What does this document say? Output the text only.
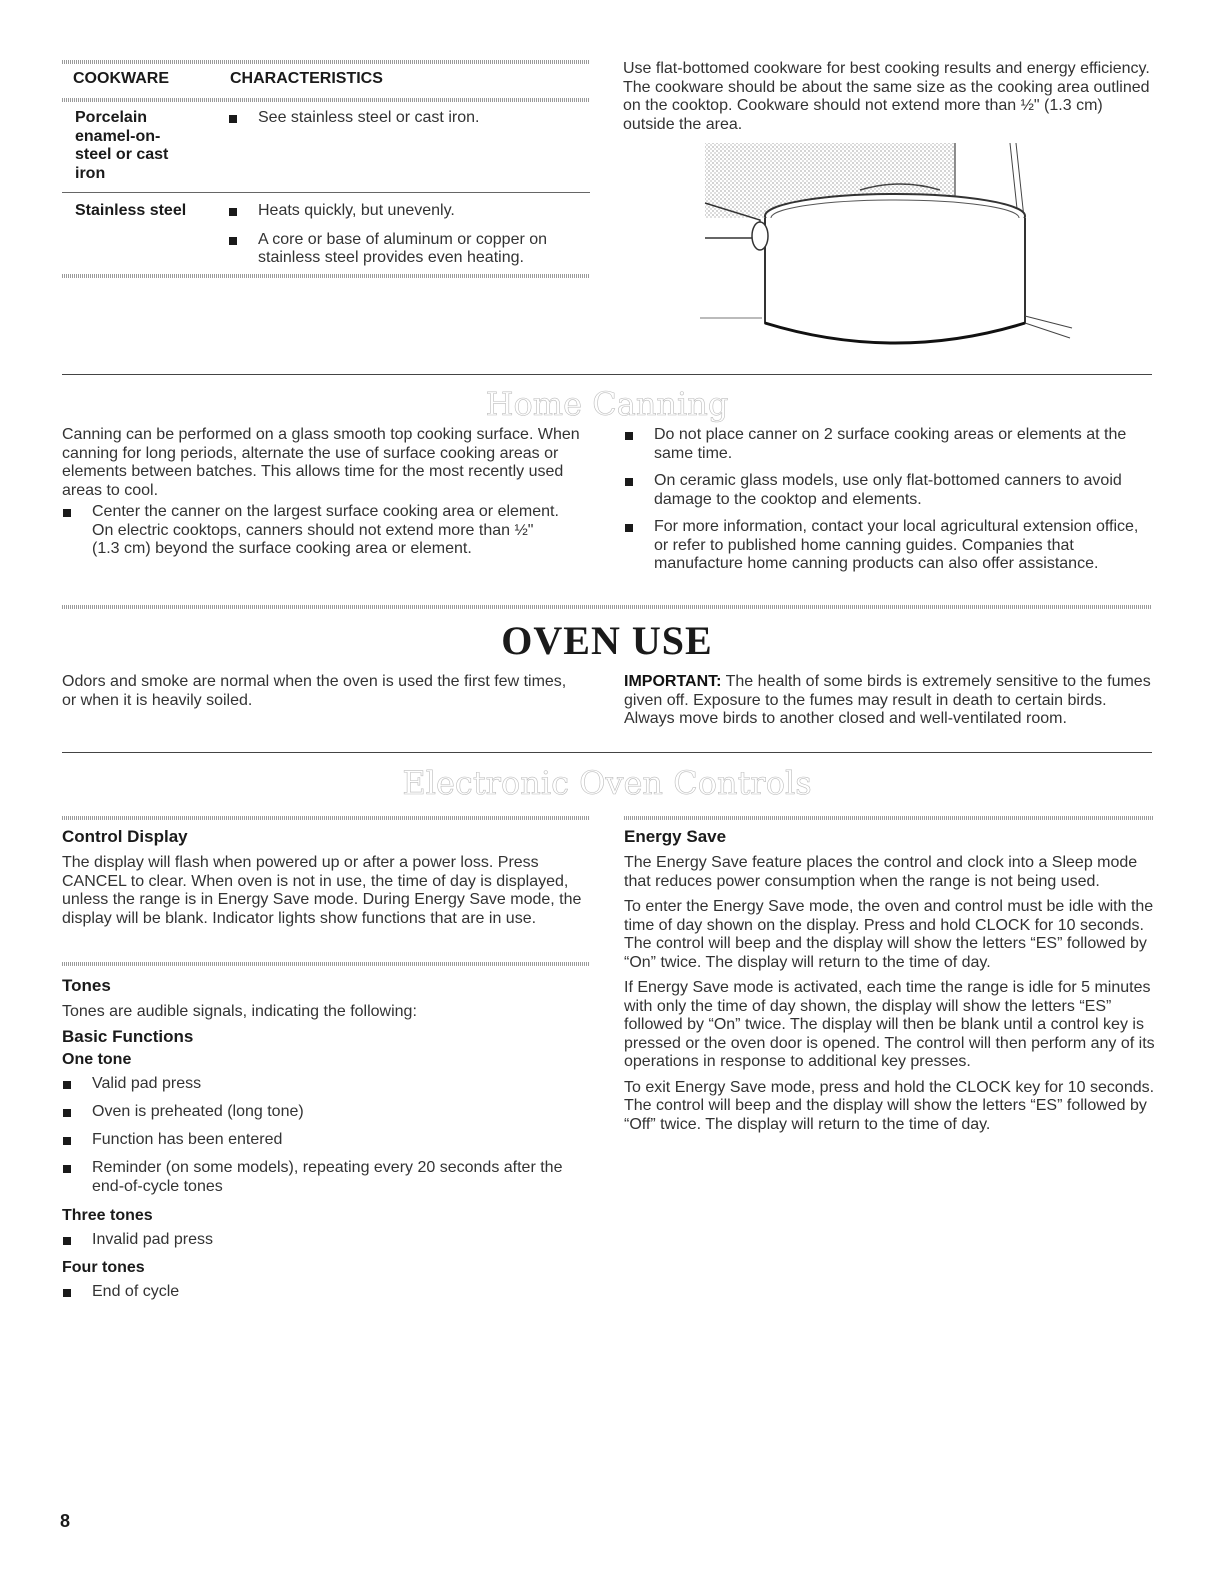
COOKWARE	CHARACTERISTICS
Porcelain
enamel-on-
steel or cast
iron
See stainless steel or cast iron.
Stainless steel	Heats quickly, but unevenly.
A core or base of aluminum or copper on stainless steel provides even heating.

Use flat-bottomed cookware for best cooking results and energy efficiency. The cookware should be about the same size as the cooking area outlined on the cooktop. Cookware should not extend more than ½" (1.3 cm) outside the area.

Home Canning

Canning can be performed on a glass smooth top cooking surface. When canning for long periods, alternate the use of surface cooking areas or elements between batches. This allows time for the most recently used areas to cool.

Center the canner on the largest surface cooking area or element. On electric cooktops, canners should not extend more than ½" (1.3 cm) beyond the surface cooking area or element.
Do not place canner on 2 surface cooking areas or elements at the same time.
On ceramic glass models, use only flat-bottomed canners to avoid damage to the cooktop and elements.
For more information, contact your local agricultural extension office, or refer to published home canning guides. Companies that manufacture home canning products can also offer assistance.
OVEN USE

Odors and smoke are normal when the oven is used the first few times, or when it is heavily soiled.

IMPORTANT: The health of some birds is extremely sensitive to the fumes given off. Exposure to the fumes may result in death to certain birds. Always move birds to another closed and well-ventilated room.

Electronic Oven Controls
Control Display

The display will flash when powered up or after a power loss. Press CANCEL to clear. When oven is not in use, the time of day is displayed, unless the range is in Energy Save mode. During Energy Save mode, the display will be blank. Indicator lights show functions that are in use.

Tones

Tones are audible signals, indicating the following:

Basic Functions
One tone
Valid pad press
Oven is preheated (long tone)
Function has been entered
Reminder (on some models), repeating every 20 seconds after the end-of-cycle tones
Three tones
Invalid pad press
Four tones
End of cycle
Energy Save

The Energy Save feature places the control and clock into a Sleep mode that reduces power consumption when the range is not being used.

To enter the Energy Save mode, the oven and control must be idle with the time of day shown on the display. Press and hold CLOCK for 10 seconds. The control will beep and the display will show the letters “ES” followed by “On” twice. The display will return to the time of day.

If Energy Save mode is activated, each time the range is idle for 5 minutes with only the time of day shown, the display will show the letters “ES” followed by “On” twice. The display will then be blank until a control key is pressed or the oven door is opened. The control will then perform any of its operations in response to additional key presses.

To exit Energy Save mode, press and hold the CLOCK key for 10 seconds. The control will beep and the display will show the letters “ES” followed by “Off” twice. The display will return to the time of day.

8
